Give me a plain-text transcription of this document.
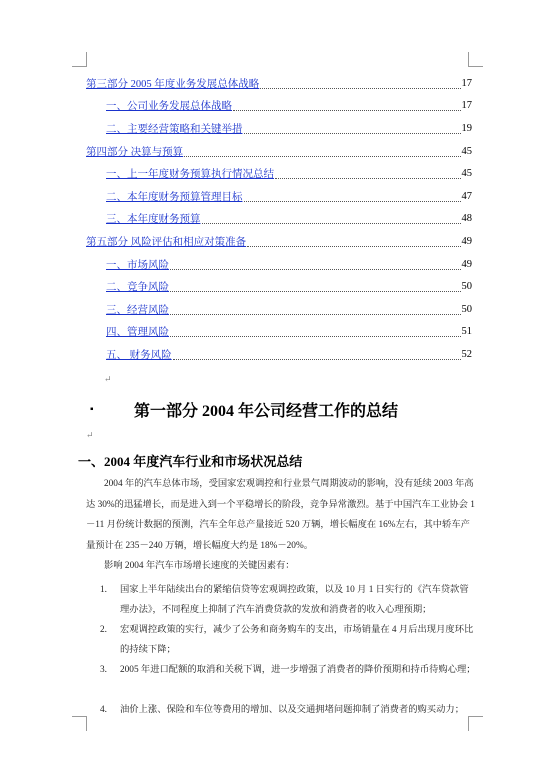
第三部分 2005 年度业务发展总体战略	17
一、公司业务发展总体战略	17
二、主要经营策略和关键举措	19
第四部分 决算与预算	45
一、上一年度财务预算执行情况总结	45
二、本年度财务预算管理目标	47
三、本年度财务预算	48
第五部分 风险评估和相应对策准备	49
一、市场风险	49
二、竞争风险	50
三、经营风险	50
四、管理风险	51
五、 财务风险	52
↵
▪	第一部分 2004 年公司经营工作的总结
↵
一、2004 年度汽车行业和市场状况总结
2004 年的汽车总体市场，受国家宏观调控和行业景气周期波动的影响，没有延续 2003 年高达 30%的迅猛增长，而是进入到一个平稳增长的阶段，竞争异常激烈。基于中国汽车工业协会 1－11 月份统计数据的预测，汽车全年总产量接近 520 万辆，增长幅度在 16%左右，其中轿车产量预计在 235－240 万辆，增长幅度大约是 18%－20%。
影响 2004 年汽车市场增长速度的关键因素有：
1. 国家上半年陆续出台的紧缩信贷等宏观调控政策，以及 10 月 1 日实行的《汽车贷款管理办法》，不同程度上抑制了汽车消费贷款的发放和消费者的收入心理预期；
2. 宏观调控政策的实行，减少了公务和商务购车的支出，市场销量在 4 月后出现月度环比的持续下降；
3. 2005 年进口配额的取消和关税下调，进一步增强了消费者的降价预期和持币待购心理；
4. 油价上涨、保险和车位等费用的增加、以及交通拥堵问题抑制了消费者的购买动力；
